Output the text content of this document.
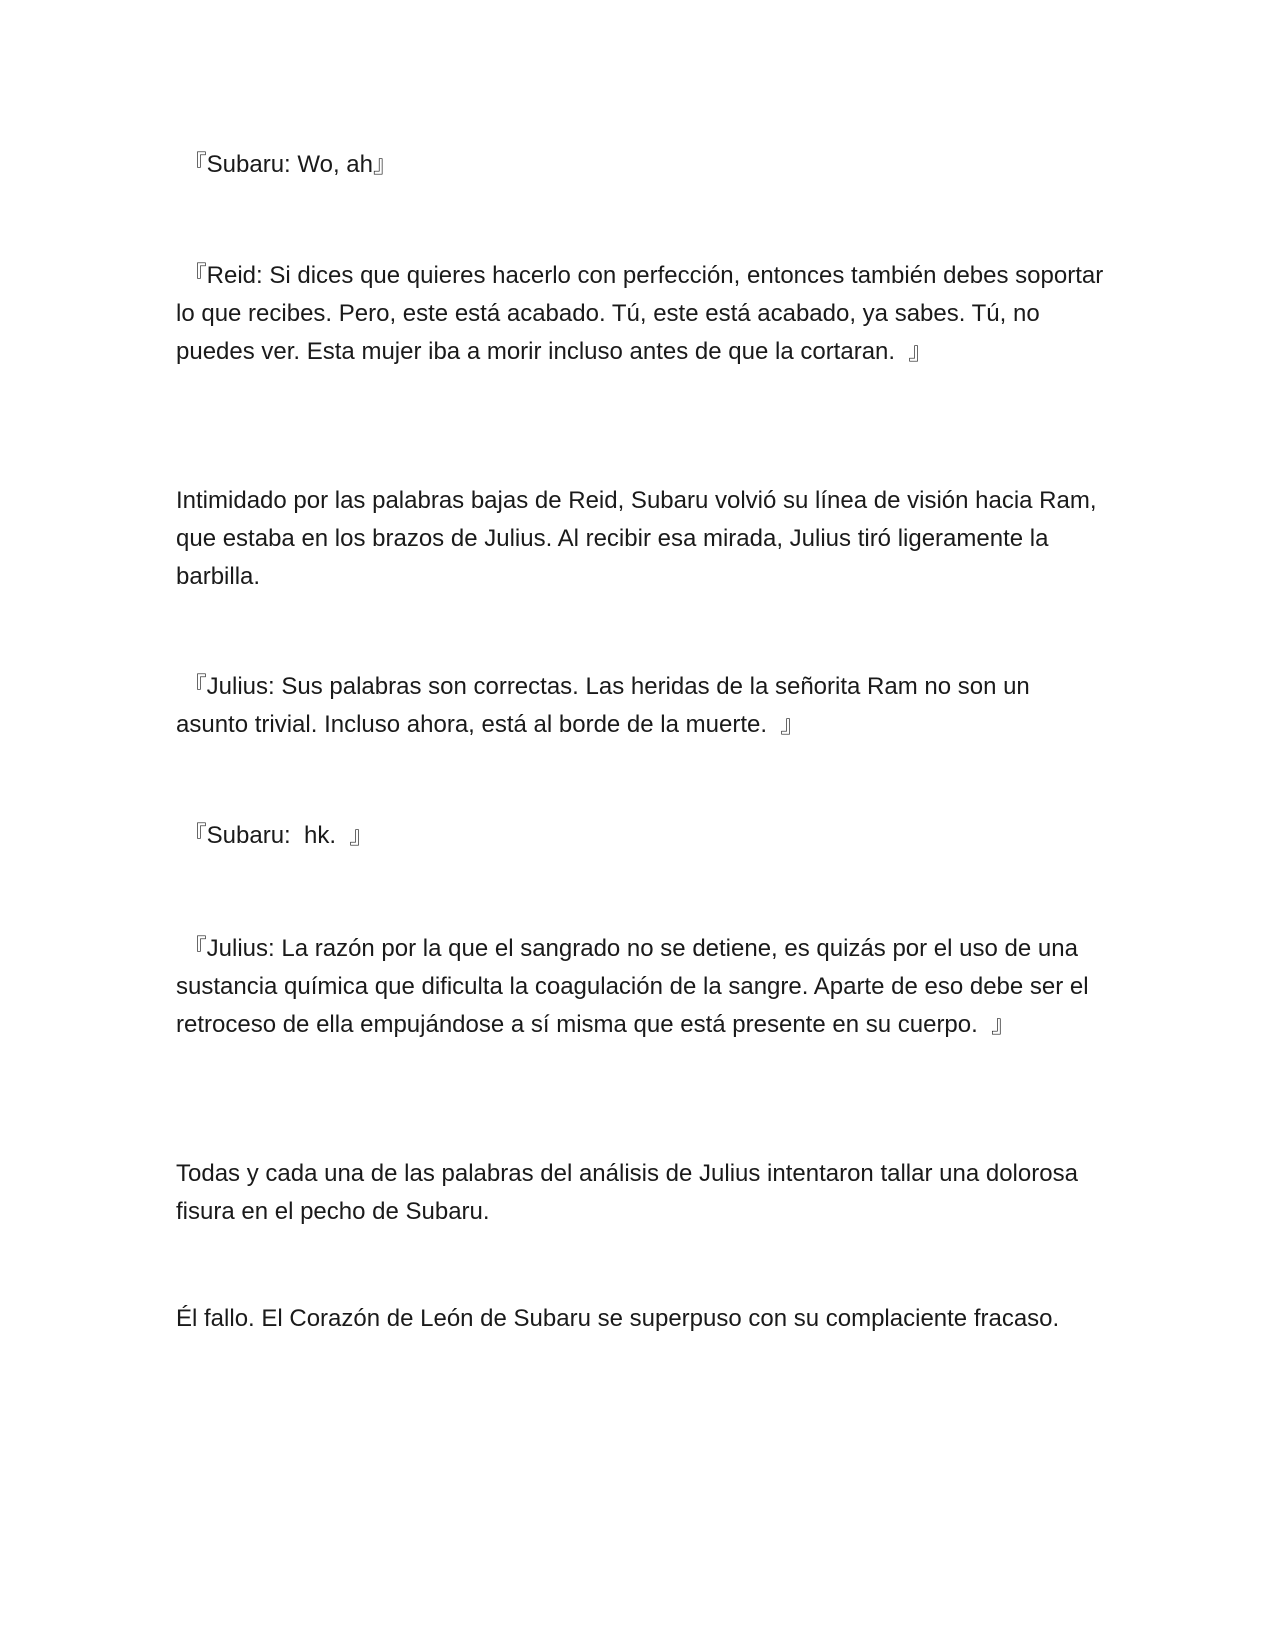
『Subaru: Wo, ah』

『Reid: Si dices que quieres hacerlo con perfección, entonces también debes soportar lo que recibes. Pero, este está acabado. Tú, este está acabado, ya sabes. Tú, no puedes ver. Esta mujer iba a morir incluso antes de que la cortaran.  』

Intimidado por las palabras bajas de Reid, Subaru volvió su línea de visión hacia Ram, que estaba en los brazos de Julius. Al recibir esa mirada, Julius tiró ligeramente la barbilla.

『Julius: Sus palabras son correctas. Las heridas de la señorita Ram no son un asunto trivial. Incluso ahora, está al borde de la muerte.  』

『Subaru:  hk.  』

『Julius: La razón por la que el sangrado no se detiene, es quizás por el uso de una sustancia química que dificulta la coagulación de la sangre. Aparte de eso debe ser el retroceso de ella empujándose a sí misma que está presente en su cuerpo.  』

Todas y cada una de las palabras del análisis de Julius intentaron tallar una dolorosa fisura en el pecho de Subaru.

Él fallo. El Corazón de León de Subaru se superpuso con su complaciente fracaso.
